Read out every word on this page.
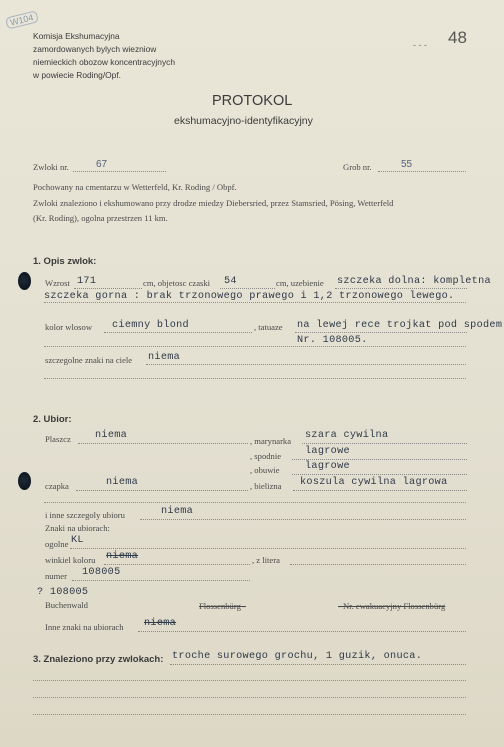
W104
Komisja Ekshumacyjna
zamordowanych bylych wiezniow
niemieckich obozow koncentracyjnych
w powiecie Roding/Opf.
48
- - -
PROTOKOL
ekshumacyjno-identyfikacyjny
Zwloki nr.	67	Grob nr.	55
Pochowany na cmentarzu w Wetterfeld, Kr. Roding / Obpf.
Zwloki znaleziono i ekshumowano przy drodze miedzy Diebersried, przez Stamsried, Pösing, Wetterfeld
(Kr. Roding), ogolna przestrzen 11 km.
1. Opis zwlok:
Wzrost 171	cm, objetosc czaski 54	cm, uzebienie szczeka dolna: kompletna
szczeka gorna : brak trzonowego prawego i 1,2 trzonowego lewego.
kolor wlosow ciemny blond	, tatuaze na lewej rece trojkat pod spodem
Nr. 108005.
szczegolne znaki na ciele niema
2. Ubior:
Plaszcz niema	, marynarka szara cywilna
, spodnie lagrowe
, obuwie lagrowe
czapka	niema	, bielizna koszula cywilna lagrowa
i inne szczegoly ubioru	niema
Znaki na ubiorach:
ogolne KL
winkiel koloru niema	, z litera
numer 108005
? 108005
Buchenwald	Flossenbürg -	- Nr. ewakuacyjny Flossenbürg
Inne znaki na ubiorach niema
3. Znaleziono przy zwlokach: troche surowego grochu, 1 guzik, onuca.
